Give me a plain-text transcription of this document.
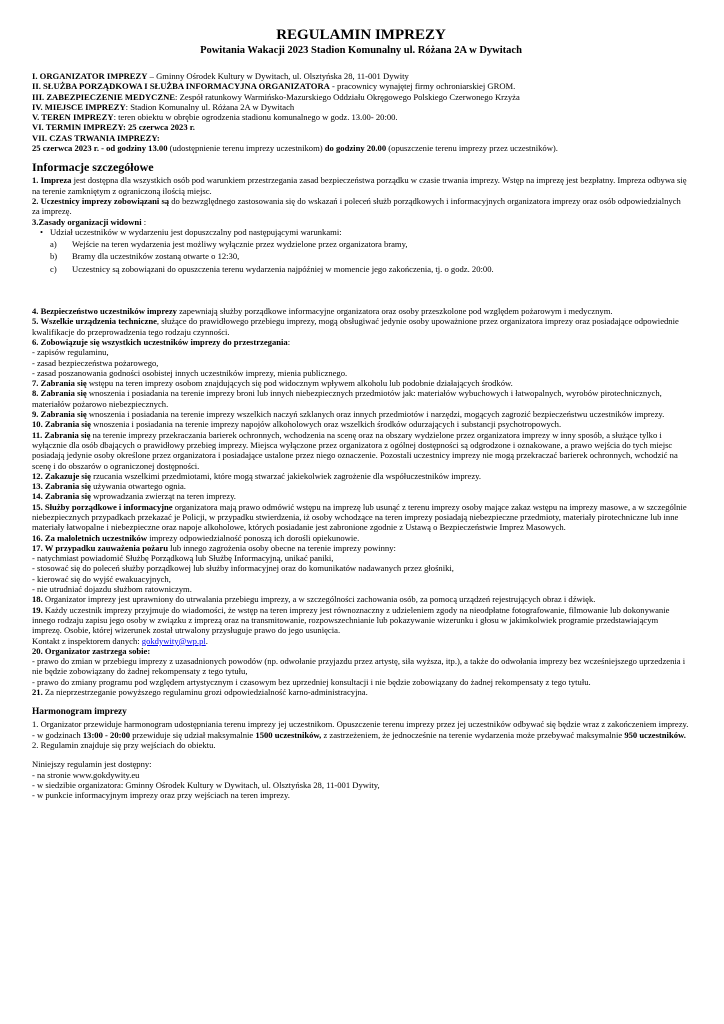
REGULAMIN IMPREZY
Powitania Wakacji 2023 Stadion Komunalny ul. Różana 2A w Dywitach

I. ORGANIZATOR IMPREZY – Gminny Ośrodek Kultury w Dywitach, ul. Olsztyńska 28, 11-001 Dywity

II. SŁUŻBA PORZĄDKOWA I SŁUŻBA INFORMACYJNA ORGANIZATORA - pracownicy wynajętej firmy ochroniarskiej GROM.

III. ZABEZPIECZENIE MEDYCZNE: Zespół ratunkowy Warmińsko-Mazurskiego Oddziału Okręgowego Polskiego Czerwonego Krzyża

IV. MIEJSCE IMPREZY: Stadion Komunalny ul. Różana 2A w Dywitach

V. TEREN IMPREZY: teren obiektu w obrębie ogrodzenia stadionu komunalnego w godz. 13.00- 20:00.

VI. TERMIN IMPREZY: 25 czerwca 2023 r.

VII. CZAS TRWANIA IMPREZY:

25 czerwca 2023 r. - od godziny 13.00 (udostępnienie terenu imprezy uczestnikom) do godziny 20.00 (opuszczenie terenu imprezy przez uczestników).

Informacje szczegółowe

1. Impreza jest dostępna dla wszystkich osób pod warunkiem przestrzegania zasad bezpieczeństwa porządku w czasie trwania imprezy. Wstęp na imprezę jest bezpłatny. Impreza odbywa się na terenie zamkniętym z ograniczoną ilością miejsc.

2. Uczestnicy imprezy zobowiązani są do bezwzględnego zastosowania się do wskazań i poleceń służb porządkowych i informacyjnych organizatora imprezy oraz osób odpowiedzialnych za imprezę.

3.Zasady organizacji widowni :

• Udział uczestników w wydarzeniu jest dopuszczalny pod następującymi warunkami:

a) Wejście na teren wydarzenia jest możliwy wyłącznie przez wydzielone przez organizatora bramy,

b) Bramy dla uczestników zostaną otwarte o 12:30,

c) Uczestnicy są zobowiązani do opuszczenia terenu wydarzenia najpóźniej w momencie jego zakończenia, tj. o godz. 20:00.

4. Bezpieczeństwo uczestników imprezy zapewniają służby porządkowe informacyjne organizatora oraz osoby przeszkolone pod względem pożarowym i medycznym.

5. Wszelkie urządzenia techniczne, służące do prawidłowego przebiegu imprezy, mogą obsługiwać jedynie osoby upoważnione przez organizatora imprezy oraz posiadające odpowiednie kwalifikacje do przeprowadzenia tego rodzaju czynności.

6. Zobowiązuje się wszystkich uczestników imprezy do przestrzegania:

- zapisów regulaminu,

- zasad bezpieczeństwa pożarowego,

- zasad poszanowania godności osobistej innych uczestników imprezy, mienia publicznego.

7. Zabrania się wstępu na teren imprezy osobom znajdujących się pod widocznym wpływem alkoholu lub podobnie działających środków.

8. Zabrania się wnoszenia i posiadania na terenie imprezy broni lub innych niebezpiecznych przedmiotów jak: materiałów wybuchowych i łatwopalnych, wyrobów pirotechnicznych, materiałów pożarowo niebezpiecznych.

9. Zabrania się wnoszenia i posiadania na terenie imprezy wszelkich naczyń szklanych oraz innych przedmiotów i narzędzi, mogących zagrozić bezpieczeństwu uczestników imprezy.

10. Zabrania się wnoszenia i posiadania na terenie imprezy napojów alkoholowych oraz wszelkich środków odurzających i substancji psychotropowych.

11. Zabrania się na terenie imprezy przekraczania barierek ochronnych, wchodzenia na scenę oraz na obszary wydzielone przez organizatora imprezy w inny sposób, a służące tylko i wyłącznie dla osób dbających o prawidłowy przebieg imprezy. Miejsca wyłączone przez organizatora z ogólnej dostępności są odgrodzone i oznakowane, a prawo wejścia do tych miejsc posiadają jedynie osoby określone przez organizatora i posiadające ustalone przez niego oznaczenie. Pozostali uczestnicy imprezy nie mogą przekraczać barierek ochronnych, wchodzić na scenę i do obszarów o ograniczonej dostępności.

12. Zakazuje się rzucania wszelkimi przedmiotami, które mogą stwarzać jakiekolwiek zagrożenie dla współuczestników imprezy.

13. Zabrania się używania otwartego ognia.

14. Zabrania się wprowadzania zwierząt na teren imprezy.

15. Służby porządkowe i informacyjne organizatora mają prawo odmówić wstępu na imprezę lub usunąć z terenu imprezy osoby mające zakaz wstępu na imprezy masowe, a w szczególnie niebezpiecznych przypadkach przekazać je Policji, w przypadku stwierdzenia, iż osoby wchodzące na teren imprezy posiadają niebezpieczne przedmioty, materiały pirotechniczne lub inne materiały łatwopalne i niebezpieczne oraz napoje alkoholowe, których posiadanie jest zabronione zgodnie z Ustawą o Bezpieczeństwie Imprez Masowych.

16. Za małoletnich uczestników imprezy odpowiedzialność ponoszą ich dorośli opiekunowie.

17. W przypadku zauważenia pożaru lub innego zagrożenia osoby obecne na terenie imprezy powinny:

- natychmiast powiadomić Służbę Porządkową lub Służbę Informacyjną, unikać paniki,

- stosować się do poleceń służby porządkowej lub służby informacyjnej oraz do komunikatów nadawanych przez głośniki,

- kierować się do wyjść ewakuacyjnych,

- nie utrudniać dojazdu służbom ratowniczym.

18. Organizator imprezy jest uprawniony do utrwalania przebiegu imprezy, a w szczególności zachowania osób, za pomocą urządzeń rejestrujących obraz i dźwięk.

19. Każdy uczestnik imprezy przyjmuje do wiadomości, że wstęp na teren imprezy jest równoznaczny z udzieleniem zgody na nieodpłatne fotografowanie, filmowanie lub dokonywanie innego rodzaju zapisu jego osoby w związku z imprezą oraz na transmitowanie, rozpowszechnianie lub pokazywanie wizerunku i głosu w jakimkolwiek programie przedstawiającym imprezę. Osobie, której wizerunek został utrwalony przysługuje prawo do jego usunięcia.

Kontakt z inspektorem danych: gokdywity@wp.pl.

20. Organizator zastrzega sobie:

- prawo do zmian w przebiegu imprezy z uzasadnionych powodów (np. odwołanie przyjazdu przez artystę, siła wyższa, itp.), a także do odwołania imprezy bez wcześniejszego uprzedzenia i nie będzie zobowiązany do żadnej rekompensaty z tego tytułu,

- prawo do zmiany programu pod względem artystycznym i czasowym bez uprzedniej konsultacji i nie będzie zobowiązany do żadnej rekompensaty z tego tytułu.

21. Za nieprzestrzeganie powyższego regulaminu grozi odpowiedzialność karno-administracyjna.

Harmonogram imprezy

1. Organizator przewiduje harmonogram udostępniania terenu imprezy jej uczestnikom. Opuszczenie terenu imprezy przez jej uczestników odbywać się będzie wraz z zakończeniem imprezy.

- w godzinach 13:00 - 20:00 przewiduje się udział maksymalnie 1500 uczestników, z zastrzeżeniem, że jednocześnie na terenie wydarzenia może przebywać maksymalnie 950 uczestników.

2. Regulamin znajduje się przy wejściach do obiektu.

Niniejszy regulamin jest dostępny:

- na stronie www.gokdywity.eu

- w siedzibie organizatora: Gminny Ośrodek Kultury w Dywitach, ul. Olsztyńska 28, 11-001 Dywity,

- w punkcie informacyjnym imprezy oraz przy wejściach na teren imprezy.
